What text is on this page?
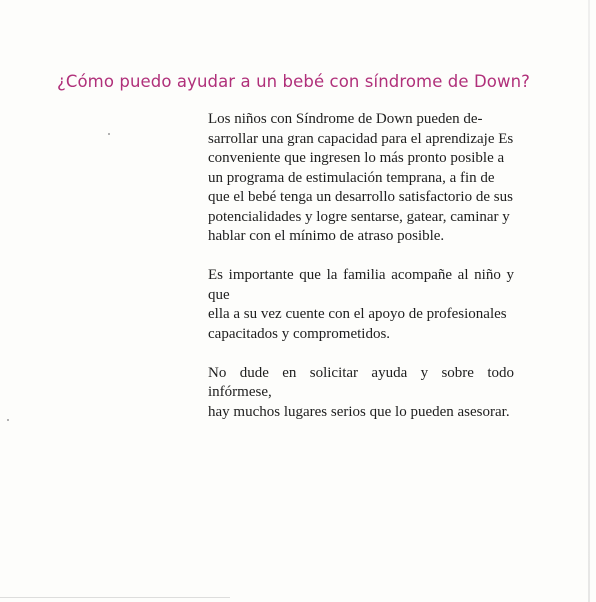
¿Cómo puedo ayudar a un bebé con síndrome de Down?

Los niños con Síndrome de Down pueden de-
sarrollar una gran capacidad para el aprendizaje Es
conveniente que ingresen lo más pronto posible a
un programa de estimulación temprana, a fin de
que el bebé tenga un desarrollo satisfactorio de sus
potencialidades y logre sentarse, gatear, caminar y
hablar con el mínimo de atraso posible.

Es importante que la familia acompañe al niño y que
ella a su vez cuente con el apoyo de profesionales
capacitados y comprometidos.

No dude en solicitar ayuda y sobre todo infórmese,
hay muchos lugares serios que lo pueden asesorar.
